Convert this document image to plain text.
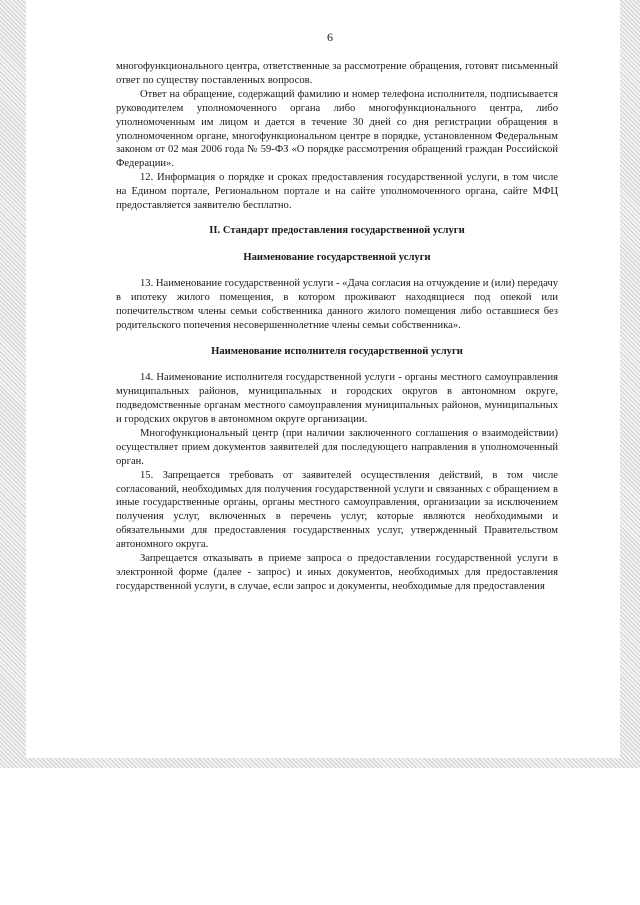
6

многофункционального центра, ответственные за рассмотрение обращения, готовят письменный ответ по существу поставленных вопросов.

Ответ на обращение, содержащий фамилию и номер телефона исполнителя, подписывается руководителем уполномоченного органа либо многофункционального центра, либо уполномоченным им лицом и дается в течение 30 дней со дня регистрации обращения в уполномоченном органе, многофункциональном центре в порядке, установленном Федеральным законом от 02 мая 2006 года № 59-ФЗ «О порядке рассмотрения обращений граждан Российской Федерации».

12. Информация о порядке и сроках предоставления государственной услуги, в том числе на Едином портале, Региональном портале и на сайте уполномоченного органа, сайте МФЦ предоставляется заявителю бесплатно.

II. Стандарт предоставления государственной услуги

Наименование государственной услуги

13. Наименование государственной услуги - «Дача согласия на отчуждение и (или) передачу в ипотеку жилого помещения, в котором проживают находящиеся под опекой или попечительством члены семьи собственника данного жилого помещения либо оставшиеся без родительского попечения несовершеннолетние члены семьи собственника».

Наименование исполнителя государственной услуги

14. Наименование исполнителя государственной услуги - органы местного самоуправления муниципальных районов, муниципальных и городских округов в автономном округе, подведомственные органам местного самоуправления муниципальных районов, муниципальных и городских округов в автономном округе организации.

Многофункциональный центр (при наличии заключенного соглашения о взаимодействии) осуществляет прием документов заявителей для последующего направления в уполномоченный орган.

15. Запрещается требовать от заявителей осуществления действий, в том числе согласований, необходимых для получения государственной услуги и связанных с обращением в иные государственные органы, органы местного самоуправления, организации за исключением получения услуг, включенных в перечень услуг, которые являются необходимыми и обязательными для предоставления государственных услуг, утвержденный Правительством автономного округа.

Запрещается отказывать в приеме запроса о предоставлении государственной услуги в электронной форме (далее - запрос) и иных документов, необходимых для предоставления государственной услуги, в случае, если запрос и документы, необходимые для предоставления
